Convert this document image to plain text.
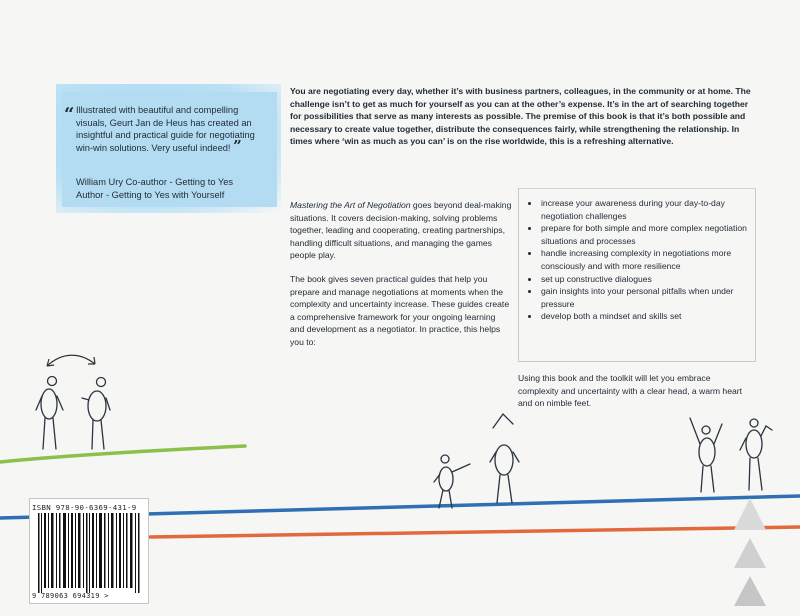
“ Illustrated with beautiful and compelling visuals, Geurt Jan de Heus has created an insightful and practical guide for negotiating win-win solutions. Very useful indeed! ”
William Ury Co-author - Getting to Yes
Author - Getting to Yes with Yourself
You are negotiating every day, whether it’s with business partners, colleagues, in the community or at home. The challenge isn’t to get as much for yourself as you can at the other’s expense. It’s in the art of searching together for possibilities that serve as many interests as possible. The premise of this book is that it’s both possible and necessary to create value together, distribute the consequences fairly, while strengthening the relationship. In times where ‘win as much as you can’ is on the rise worldwide, this is a refreshing alternative.

Mastering the Art of Negotiation goes beyond deal-making situations. It covers decision-making, solving problems together, leading and cooperating, creating partnerships, handling difficult situations, and managing the games people play.

The book gives seven practical guides that help you prepare and manage negotiations at moments when the complexity and uncertainty increase. These guides create a comprehensive framework for your ongoing learning and development as a negotiator. In practice, this helps you to:

increase your awareness during your day-to-day negotiation challenges
prepare for both simple and more complex negotiation situations and processes
handle increasing complexity in negotiations more consciously and with more resilience
set up constructive dialogues
gain insights into your personal pitfalls when under pressure
develop both a mindset and skills set
Using this book and the toolkit will let you embrace complexity and uncertainty with a clear head, a warm heart and on nimble feet.
ISBN 978-90-6369-431-9
9 789063 694319 >
